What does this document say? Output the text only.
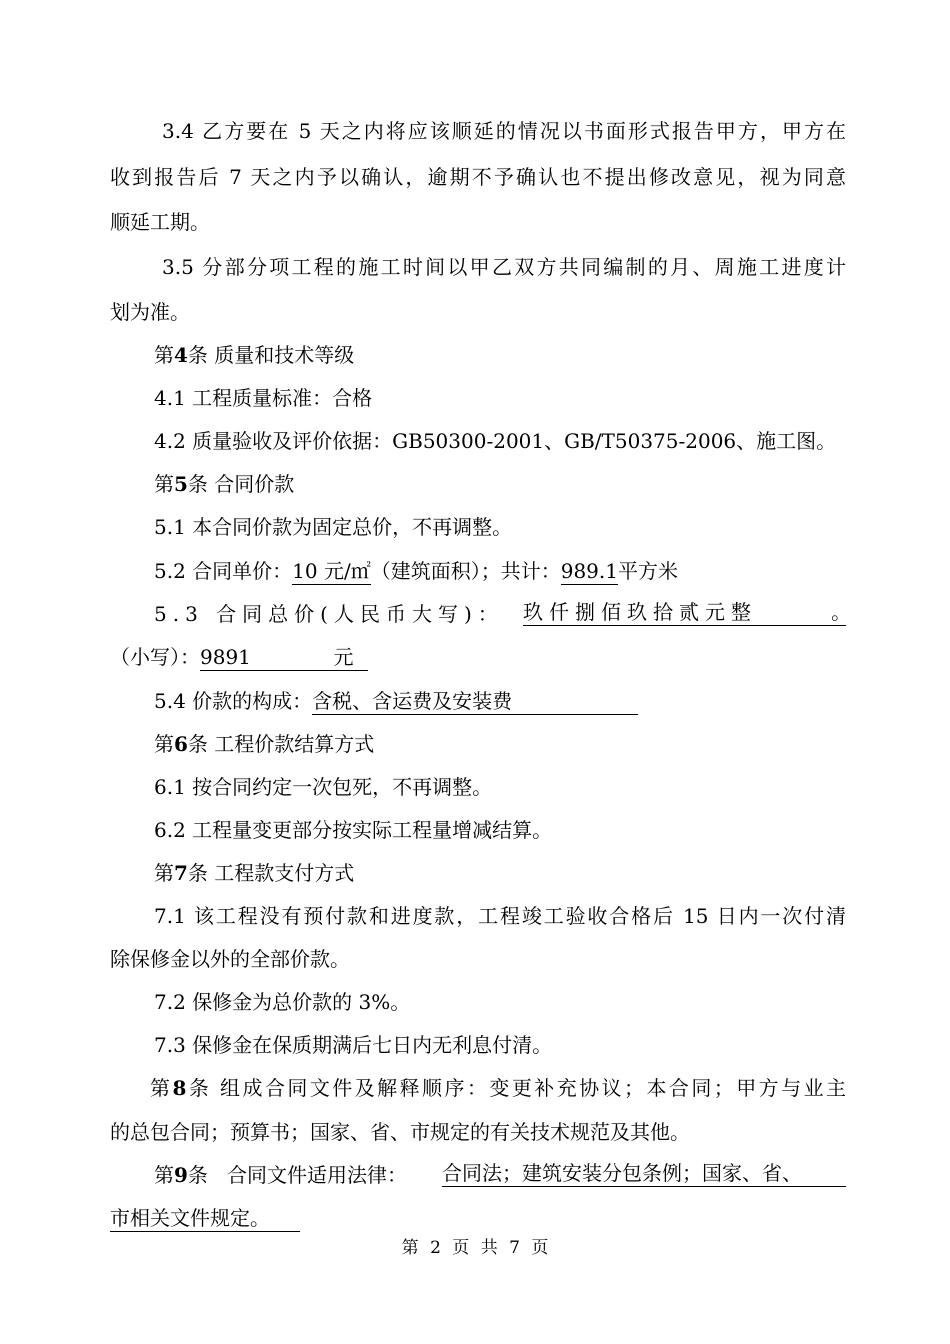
3.4 乙方要在 5 天之内将应该顺延的情况以书面形式报告甲方，甲方在
收到报告后 7 天之内予以确认，逾期不予确认也不提出修改意见，视为同意
顺延工期。
3.5 分部分项工程的施工时间以甲乙双方共同编制的月、周施工进度计
划为准。
第4条 质量和技术等级
4.1 工程质量标准：合格
4.2 质量验收及评价依据：GB50300-2001、GB/T50375-2006、施工图。
第5条 合同价款
5.1 本合同价款为固定总价，不再调整。
5.2 合同单价：10 元/㎡（建筑面积）；共计：989.1平方米
5.3 合同总价(人民币大写)： 玖仟捌佰玖拾贰元整      。
（小写）：9891             元
5.4 价款的构成：含税、含运费及安装费
第6条 工程价款结算方式
6.1 按合同约定一次包死，不再调整。
6.2 工程量变更部分按实际工程量增减结算。
第7条 工程款支付方式
7.1 该工程没有预付款和进度款，工程竣工验收合格后 15 日内一次付清
除保修金以外的全部价款。
7.2 保修金为总价款的 3%。
7.3 保修金在保质期满后七日内无利息付清。
第8条 组成合同文件及解释顺序：变更补充协议；本合同；甲方与业主
的总包合同；预算书；国家、省、市规定的有关技术规范及其他。
第9条   合同文件适用法律： 合同法；建筑安装分包条例；国家、省、
市相关文件规定。
第 2 页 共 7 页
